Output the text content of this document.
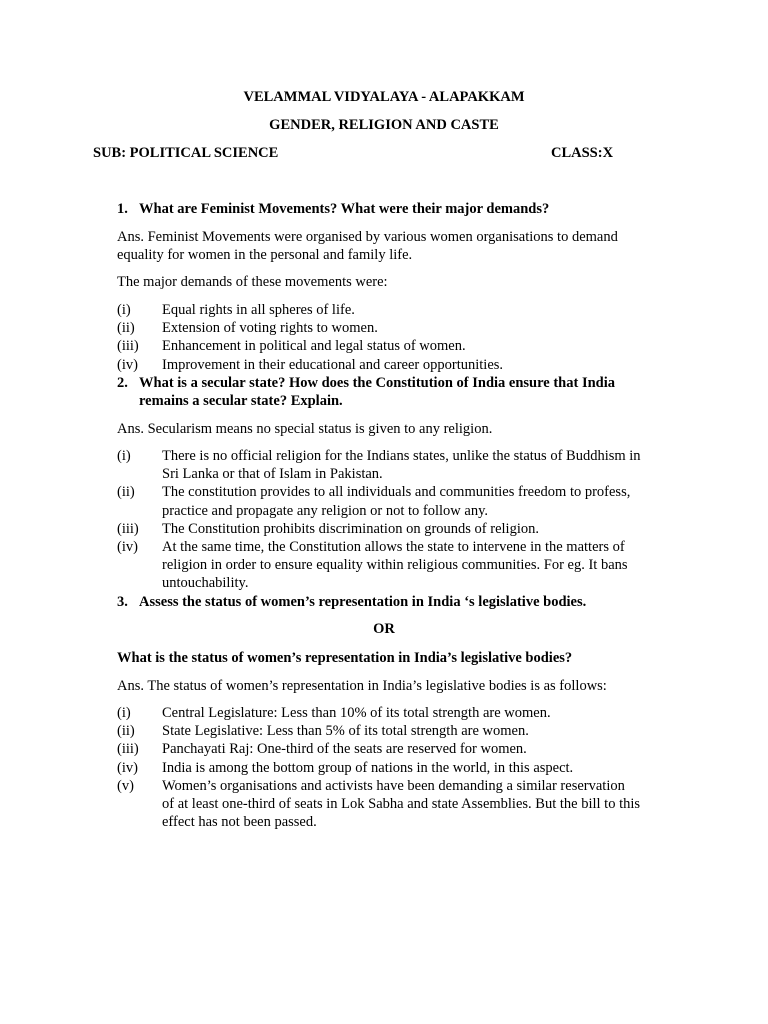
VELAMMAL VIDYALAYA - ALAPAKKAM
GENDER, RELIGION AND CASTE
SUB: POLITICAL SCIENCE	CLASS:X
1. What are Feminist Movements? What were their major demands?
Ans. Feminist Movements were organised by various women organisations to demand
equality for women in the personal and family life.
The major demands of these movements were:
(i) Equal rights in all spheres of life.
(ii) Extension of voting rights to women.
(iii) Enhancement in political and legal status of women.
(iv) Improvement in their educational and career opportunities.
2. What is a secular state? How does the Constitution of India ensure that India
remains a secular state? Explain.
Ans. Secularism means no special status is given to any religion.
(i) There is no official religion for the Indians states, unlike the status of Buddhism in
Sri Lanka or that of Islam in Pakistan.
(ii) The constitution provides to all individuals and communities freedom to profess,
practice and propagate any religion or not to follow any.
(iii) The Constitution prohibits discrimination on grounds of religion.
(iv) At the same time, the Constitution allows the state to intervene in the matters of
religion in order to ensure equality within religious communities. For eg. It bans
untouchability.
3. Assess the status of women’s representation in India ‘s legislative bodies.
OR
What is the status of women’s representation in India’s legislative bodies?
Ans. The status of women’s representation in India’s legislative bodies is as follows:
(i) Central Legislature: Less than 10% of its total strength are women.
(ii) State Legislative: Less than 5% of its total strength are women.
(iii) Panchayati Raj: One-third of the seats are reserved for women.
(iv) India is among the bottom group of nations in the world, in this aspect.
(v) Women’s organisations and activists have been demanding a similar reservation
of at least one-third of seats in Lok Sabha and state Assemblies. But the bill to this
effect has not been passed.
